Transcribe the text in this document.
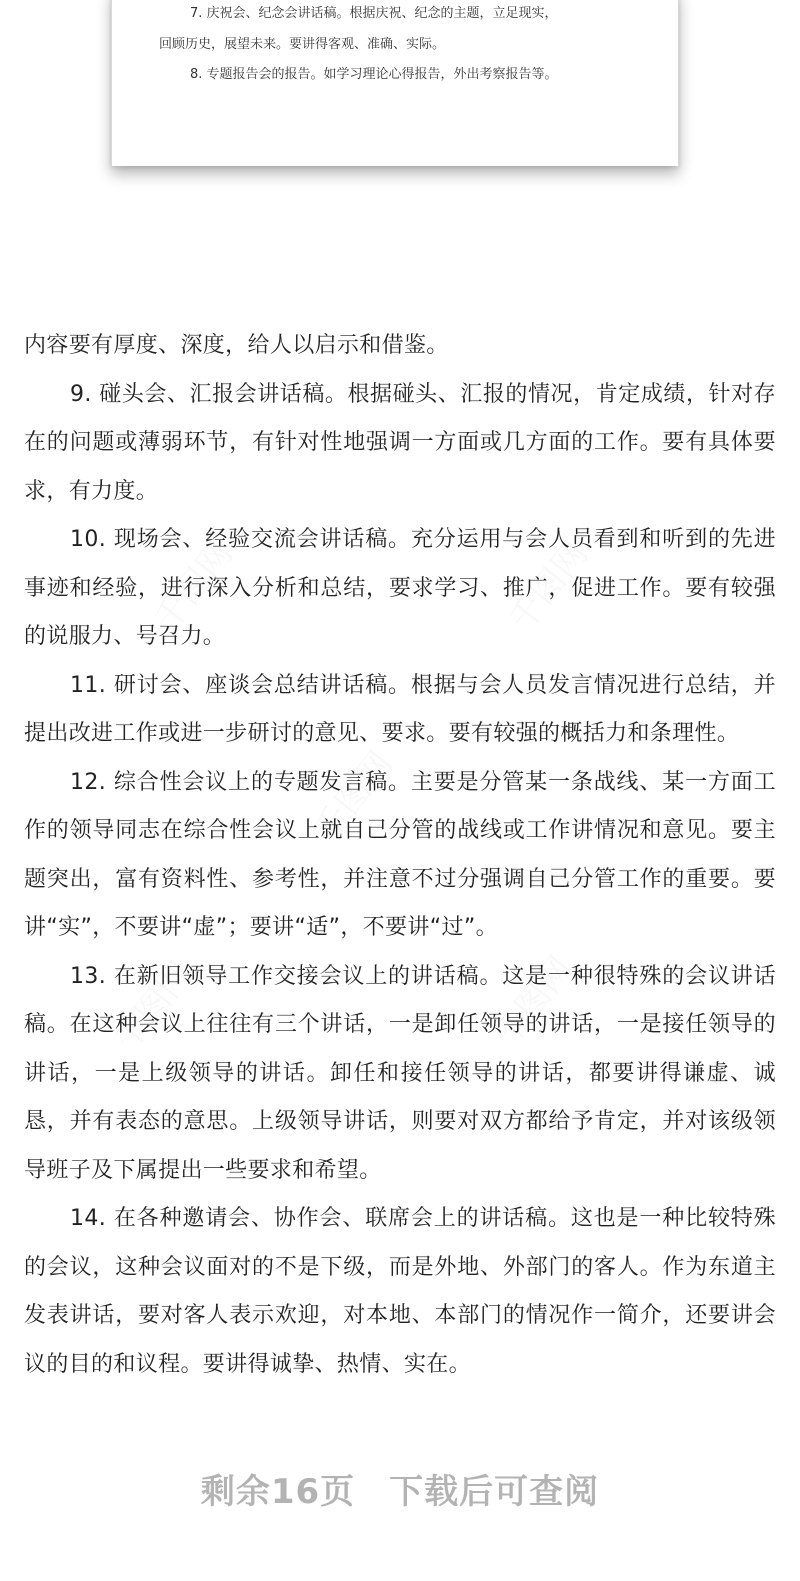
7. 庆祝会、纪念会讲话稿。根据庆祝、纪念的主题，立足现实，
回顾历史，展望未来。要讲得客观、准确、实际。
8. 专题报告会的报告。如学习理论心得报告，外出考察报告等。
千图网	千图网
千图网
千图网	千图网

内容要有厚度、深度，给人以启示和借鉴。

9. 碰头会、汇报会讲话稿。根据碰头、汇报的情况，肯定成绩，针对存在的问题或薄弱环节，有针对性地强调一方面或几方面的工作。要有具体要求，有力度。

10. 现场会、经验交流会讲话稿。充分运用与会人员看到和听到的先进事迹和经验，进行深入分析和总结，要求学习、推广，促进工作。要有较强的说服力、号召力。

11. 研讨会、座谈会总结讲话稿。根据与会人员发言情况进行总结，并提出改进工作或进一步研讨的意见、要求。要有较强的概括力和条理性。

12. 综合性会议上的专题发言稿。主要是分管某一条战线、某一方面工作的领导同志在综合性会议上就自己分管的战线或工作讲情况和意见。要主题突出，富有资料性、参考性，并注意不过分强调自己分管工作的重要。要讲“实”，不要讲“虚”；要讲“适”，不要讲“过”。

13. 在新旧领导工作交接会议上的讲话稿。这是一种很特殊的会议讲话稿。在这种会议上往往有三个讲话，一是卸任领导的讲话，一是接任领导的讲话，一是上级领导的讲话。卸任和接任领导的讲话，都要讲得谦虚、诚恳，并有表态的意思。上级领导讲话，则要对双方都给予肯定，并对该级领导班子及下属提出一些要求和希望。

14. 在各种邀请会、协作会、联席会上的讲话稿。这也是一种比较特殊的会议，这种会议面对的不是下级，而是外地、外部门的客人。作为东道主发表讲话，要对客人表示欢迎，对本地、本部门的情况作一简介，还要讲会议的目的和议程。要讲得诚挚、热情、实在。

剩余16页 下载后可查阅
